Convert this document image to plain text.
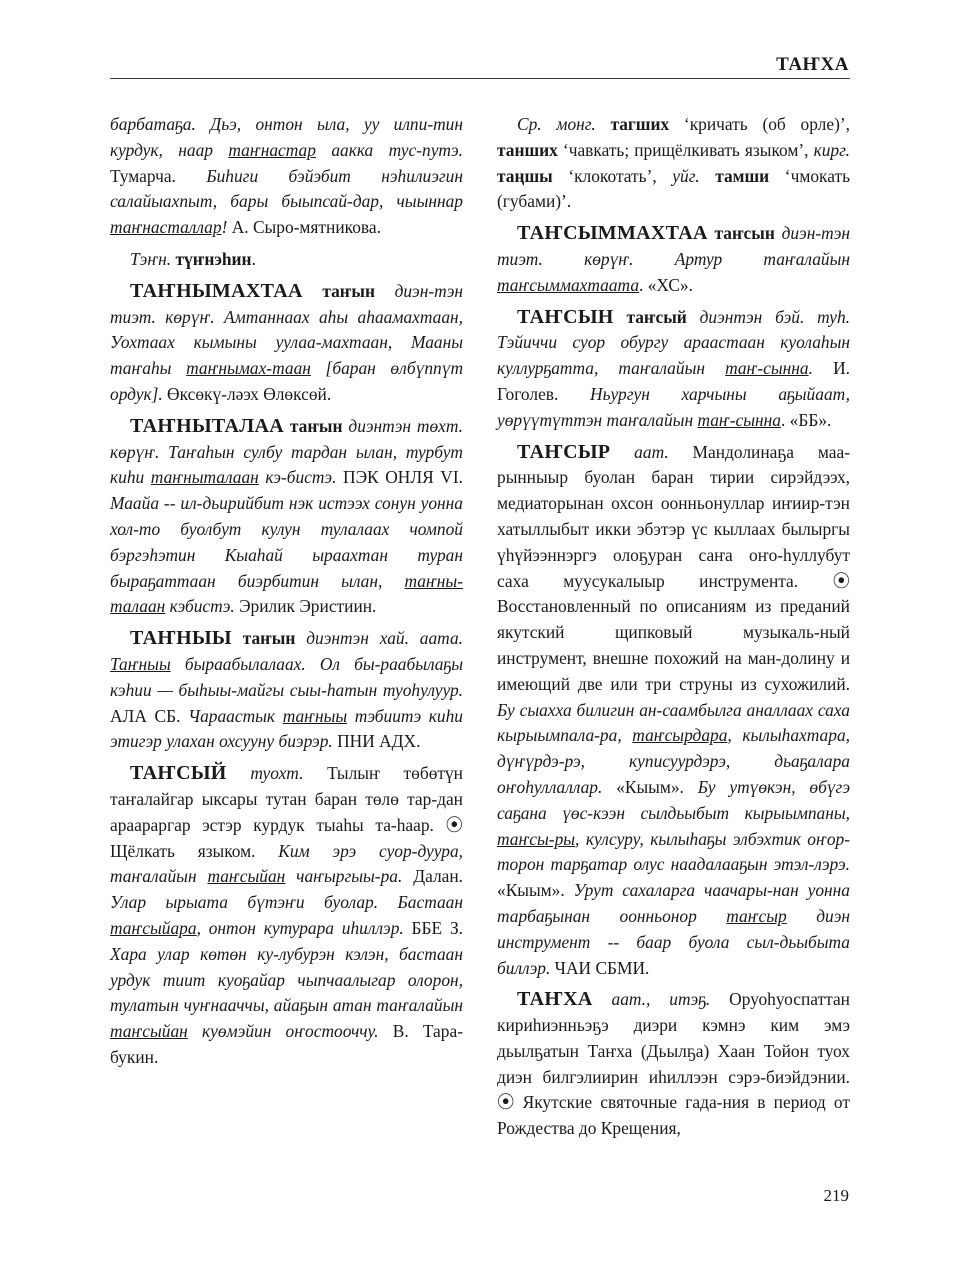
ТАҤХА

барбатаҕа. Дьэ, онтон ыла, уу илпи-тин курдук, наар таҥнастар аакка тус-путэ. Тумарча. Биһиги бэйэбит нэһилиэгин салайыахпыт, бары быыпсай-дар, чыыннар таҥнасталлар! А. Сыро-мятникова.

Тэҥн. түҥнэһин.

ТАҤНЫМАХТАА таҥын диэн-тэн тиэт. көрүҥ. Амтаннаах аһы аһаамахтаан, Уохтаах кымыны уулаа-махтаан, Мааны таҥаһы таҥнымах-таан [баран өлбүппүт ордук]. Өксөкү-ләэх Өлөксөй.

ТАҤНЫТАЛАА таҥын диэнтэн төхт. көрүҥ. Таҥаһын сулбу тардан ылан, турбут киһи таҥныталаан кэ-бистэ. ПЭК ОНЛЯ VI. Маайа -- ил-дьирийбит нэк истээх сонун уонна хол-то буолбут кулун тулалаах чомпой бэргэһэтин Кыаһай ыраахтан туран быраҕаттаан биэрбитин ылан, таҥны-талаан кэбистэ. Эрилик Эристиин.

ТАҤНЫЫ таҥын диэнтэн хай. аата. Таҥныы быраабылалаах. Ол бы-раабылаҕы кэһии — быһыы-майгы сыы-һатын туоһулуур. АЛА СБ. Чараастык таҥныы тэбиитэ киһи этигэр улахан охсууну биэрэр. ПНИ АДХ.

ТАҤСЫЙ туохт. Тылыҥ төбөтүн таҥалайгар ыксары тутан баран төлө тар-дан араараргар эстэр курдук тыаһы та-һаар. ⦿ Щёлкать языком. Ким эрэ суор-дуура, таҥалайын таҥсыйан чаҥыргыы-ра. Далан. Улар ырыата бүтэҥи буолар. Бастаан таҥсыйара, онтон кутурара иһиллэр. ББЕ З. Хара улар көтөн ку-лубурэн кэлэн, бастаан урдук тиит куоҕайар чыпчаалыгар олорон, тулатын чуҥнааччы, айаҕын атан таҥалайын таҥсыйан куөмэйин оҥостооччу. В. Тара-букин.

Ср. монг. тагших ‘кричать (об орле)’, танших ‘чавкать; прищёлкивать языком’, кирг. таңшы ‘клокотать’, уйг. тамши ‘чмокать (губами)’.

ТАҤСЫММАХТАА таҥсын диэн-тэн тиэт. көрүҥ. Артур таҥалайын таҥсыммахтаата. «ХС».

ТАҤСЫН таҥсый диэнтэн бэй. туһ. Тэйиччи суор обургу араастаан куолаһын куллурҕатта, таҥалайын таҥ-сынна. И. Гоголев. Ньургун харчыны аҕыйаат, уөрүүтүттэн таҥалайын таҥ-сынна. «ББ».

ТАҤСЫР аат. Мандолинаҕа маа-рынныыр буолан баран тирии сирэйдээх, медиаторынан охсон оонньонуллар иҥиир-тэн хатыллыбыт икки эбэтэр үс кыллаах былыргы үһүйээннэргэ олоҕуран саҥа оҥо-һуллубут саха муусукалыыр инструмента. ⦿ Восстановленный по описаниям из преданий якутский щипковый музыкаль-ный инструмент, внешне похожий на ман-долину и имеющий две или три струны из сухожилий. Бу сыахха билигин ан-саамбылга аналлаах саха кырыымпала-ра, таҥсырдара, кылыһахтара, дүҥүрдэ-рэ, куписуурдэрэ, дьаҕалара оҥоһуллаллар. «Кыым». Бу утүөкэн, өбүгэ саҕана үөс-кээн сылдьыбыт кырыымпаны, таҥсы-ры, кулсуру, кылыһаҕы элбэхтик оҥор-торон тарҕатар олус наадалааҕын этэл-лэрэ. «Кыым». Урут сахаларга чаачары-нан уонна тарбаҕынан оонньонор таҥсыр диэн инструмент -- баар буола сыл-дьыбыта биллэр. ЧАИ СБМИ.

ТАҤХА аат., итэҕ. Оруоһуоспаттан кириһиэнньэҕэ диэри кэмнэ ким эмэ дьылҕатын Таҥха (Дьылҕа) Хаан Тойон туох диэн билгэлиирин иһиллээн сэрэ-биэйдэнии. ⦿ Якутские святочные гада-ния в период от Рождества до Крещения,

219
